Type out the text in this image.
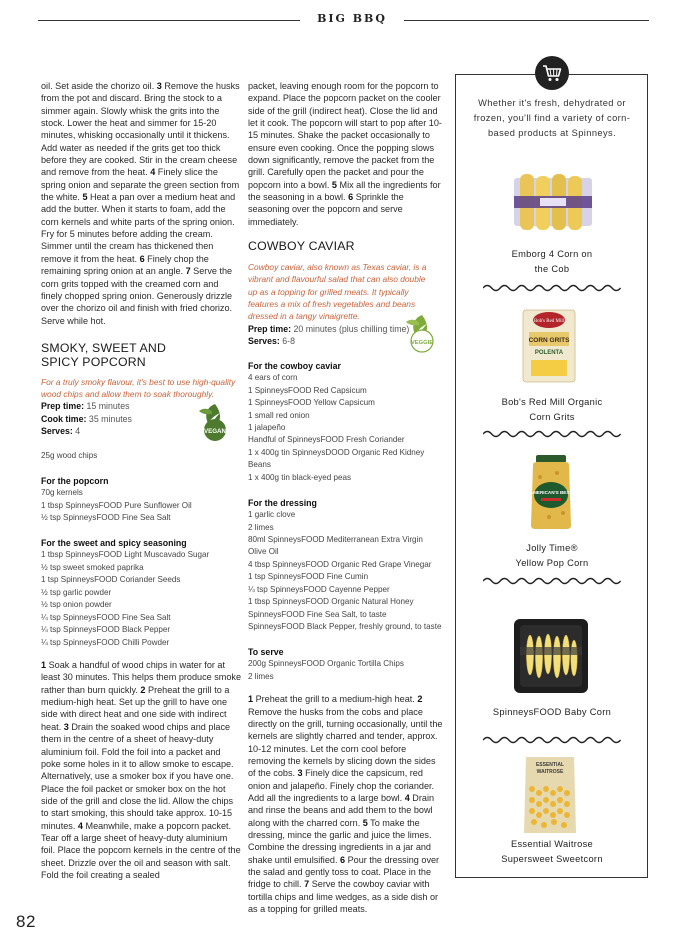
BIG BBQ

oil. Set aside the chorizo oil. 3 Remove the husks from the pot and discard. Bring the stock to a simmer again. Slowly whisk the grits into the stock. Lower the heat and simmer for 15-20 minutes, whisking occasionally until it thickens. Add water as needed if the grits get too thick before they are cooked. Stir in the cream cheese and remove from the heat. 4 Finely slice the spring onion and separate the green section from the white. 5 Heat a pan over a medium heat and add the butter. When it starts to foam, add the corn kernels and white parts of the spring onion. Fry for 5 minutes before adding the cream. Simmer until the cream has thickened then remove it from the heat. 6 Finely chop the remaining spring onion at an angle. 7 Serve the corn grits topped with the creamed corn and finely chopped spring onion. Generously drizzle over the chorizo oil and finish with fried chorizo. Serve while hot.

SMOKY, SWEET AND
SPICY POPCORN

For a truly smoky flavour, it's best to use high-quality wood chips and allow them to soak thoroughly.

Prep time: 15 minutes
Cook time: 35 minutes
Serves: 4
25g wood chips
For the popcorn
70g kernels
1 tbsp SpinneysFOOD Pure Sunflower Oil
½ tsp SpinneysFOOD Fine Sea Salt
For the sweet and spicy seasoning
1 tbsp SpinneysFOOD Light Muscavado Sugar
½ tsp sweet smoked paprika
1 tsp SpinneysFOOD Coriander Seeds
½ tsp garlic powder
½ tsp onion powder
¼ tsp SpinneysFOOD Fine Sea Salt
¼ tsp SpinneysFOOD Black Pepper
¼ tsp SpinneysFOOD Chilli Powder

1 Soak a handful of wood chips in water for at least 30 minutes. This helps them produce smoke rather than burn quickly. 2 Preheat the grill to a medium-high heat. Set up the grill to have one side with direct heat and one side with indirect heat. 3 Drain the soaked wood chips and place them in the centre of a sheet of heavy-duty aluminium foil. Fold the foil into a packet and poke some holes in it to allow smoke to escape. Alternatively, use a smoker box if you have one. Place the foil packet or smoker box on the hot side of the grill and close the lid. Allow the chips to start smoking, this should take approx. 10-15 minutes. 4 Meanwhile, make a popcorn packet. Tear off a large sheet of heavy-duty aluminium foil. Place the popcorn kernels in the centre of the sheet. Drizzle over the oil and season with salt. Fold the foil creating a sealed

VEGAN

packet, leaving enough room for the popcorn to expand. Place the popcorn packet on the cooler side of the grill (indirect heat). Close the lid and let it cook. The popcorn will start to pop after 10-15 minutes. Shake the packet occasionally to ensure even cooking. Once the popping slows down significantly, remove the packet from the grill. Carefully open the packet and pour the popcorn into a bowl. 5 Mix all the ingredients for the seasoning in a bowl. 6 Sprinkle the seasoning over the popcorn and serve immediately.

COWBOY CAVIAR

Cowboy caviar, also known as Texas caviar, is a vibrant and flavourful salad that can also double up as a topping for grilled meats. It typically features a mix of fresh vegetables and beans dressed in a tangy vinaigrette.

Prep time: 20 minutes (plus chilling time)
Serves: 6-8
For the cowboy caviar
4 ears of corn
1 SpinneysFOOD Red Capsicum
1 SpinneysFOOD Yellow Capsicum
1 small red onion
1 jalapeño
Handful of SpinneysFOOD Fresh Coriander
1 x 400g tin SpinneysDOOD Organic Red Kidney Beans
1 x 400g tin black-eyed peas
For the dressing
1 garlic clove
2 limes
80ml SpinneysFOOD Mediterranean Extra Virgin Olive Oil
4 tbsp SpinneysFOOD Organic Red Grape Vinegar
1 tsp SpinneysFOOD Fine Cumin
¼ tsp SpinneysFOOD Cayenne Pepper
1 tbsp SpinneysFOOD Organic Natural Honey
SpinneysFOOD Fine Sea Salt, to taste
SpinneysFOOD Black Pepper, freshly ground, to taste
To serve
200g SpinneysFOOD Organic Tortilla Chips
2 limes

1 Preheat the grill to a medium-high heat. 2 Remove the husks from the cobs and place directly on the grill, turning occasionally, until the kernels are slightly charred and tender, approx. 10-12 minutes. Let the corn cool before removing the kernels by slicing down the sides of the cobs. 3 Finely dice the capsicum, red onion and jalapeño. Finely chop the coriander. Add all the ingredients to a large bowl. 4 Drain and rinse the beans and add them to the bowl along with the charred corn. 5 To make the dressing, mince the garlic and juice the limes. Combine the dressing ingredients in a jar and shake until emulsified. 6 Pour the dressing over the salad and gently toss to coat. Place in the fridge to chill. 7 Serve the cowboy caviar with tortilla chips and lime wedges, as a side dish or as a topping for grilled meats.

VEGGIE
Whether it's fresh, dehydrated or frozen, you'll find a variety of corn-based products at Spinneys.
Emborg 4 Corn on
the Cob
Bob's Red Mill
CORN GRITS
POLENTA
Bob's Red Mill Organic
Corn Grits
AMERICAN'S BEST
Jolly Time®
Yellow Pop Corn
SpinneysFOOD Baby Corn
ESSENTIAL
WAITROSE
Essential Waitrose
Supersweet Sweetcorn
82
